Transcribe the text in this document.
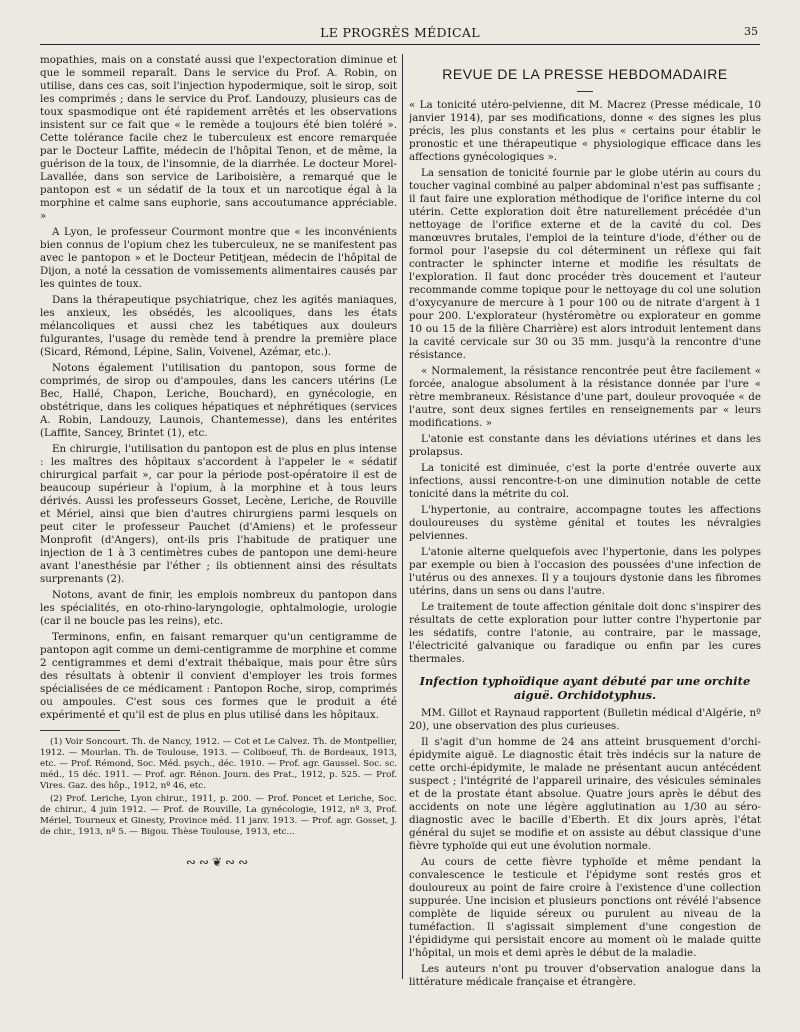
LE PROGRÈS MÉDICAL	35

mopathies, mais on a constaté aussi que l'expectoration diminue et que le sommeil reparaît. Dans le service du Prof. A. Robin, on utilise, dans ces cas, soit l'injection hypodermique, soit le sirop, soit les comprimés ; dans le service du Prof. Landouzy, plusieurs cas de toux spasmodique ont été rapidement arrêtés et les observations insistent sur ce fait que « le remède a toujours été bien toléré ». Cette tolérance facile chez le tuberculeux est encore remarquée par le Docteur Laffite, médecin de l'hôpital Tenon, et de même, la guérison de la toux, de l'insomnie, de la diarrhée. Le docteur Morel-Lavallée, dans son service de Lariboisière, a remarqué que le pantopon est « un sédatif de la toux et un narcotique égal à la morphine et calme sans euphorie, sans accoutumance appréciable. »

A Lyon, le professeur Courmont montre que « les inconvénients bien connus de l'opium chez les tuberculeux, ne se manifestent pas avec le pantopon » et le Docteur Petitjean, médecin de l'hôpital de Dijon, a noté la cessation de vomissements alimentaires causés par les quintes de toux.

Dans la thérapeutique psychiatrique, chez les agités maniaques, les anxieux, les obsédés, les alcooliques, dans les états mélancoliques et aussi chez les tabétiques aux douleurs fulgurantes, l'usage du remède tend à prendre la première place (Sicard, Rémond, Lépine, Salin, Voivenel, Azémar, etc.).

Notons également l'utilisation du pantopon, sous forme de comprimés, de sirop ou d'ampoules, dans les cancers utérins (Le Bec, Hallé, Chapon, Leriche, Bouchard), en gynécologie, en obstétrique, dans les coliques hépatiques et néphrétiques (services A. Robin, Landouzy, Launois, Chantemesse), dans les entérites (Laffite, Sancey, Brintet (1), etc.

En chirurgie, l'utilisation du pantopon est de plus en plus intense : les maîtres des hôpitaux s'accordent à l'appeler le « sédatif chirurgical parfait », car pour la période post-opératoire il est de beaucoup supérieur à l'opium, à la morphine et à tous leurs dérivés. Aussi les professeurs Gosset, Lecène, Leriche, de Rouville et Mériel, ainsi que bien d'autres chirurgiens parmi lesquels on peut citer le professeur Pauchet (d'Amiens) et le professeur Monprofit (d'Angers), ont-ils pris l'habitude de pratiquer une injection de 1 à 3 centimètres cubes de pantopon une demi-heure avant l'anesthésie par l'éther ; ils obtiennent ainsi des résultats surprenants (2).

Notons, avant de finir, les emplois nombreux du pantopon dans les spécialités, en oto-rhino-laryngologie, ophtalmologie, urologie (car il ne boucle pas les reins), etc.

Terminons, enfin, en faisant remarquer qu'un centigramme de pantopon agit comme un demi-centigramme de morphine et comme 2 centigrammes et demi d'extrait thébaïque, mais pour être sûrs des résultats à obtenir il convient d'employer les trois formes spécialisées de ce médicament : Pantopon Roche, sirop, comprimés ou ampoules. C'est sous ces formes que le produit a été expérimenté et qu'il est de plus en plus utilisé dans les hôpitaux.

(1) Voir Soncourt. Th. de Nancy, 1912. — Cot et Le Calvez. Th. de Montpellier, 1912. — Mourlan. Th. de Toulouse, 1913. — Coliboeuf, Th. de Bordeaux, 1913, etc. — Prof. Rémond, Soc. Méd. psych., déc. 1910. — Prof. agr. Gaussel. Soc. sc. méd., 15 déc. 1911. — Prof. agr. Rénon. Journ. des Prat., 1912, p. 525. — Prof. Vires. Gaz. des hôp., 1912, nº 46, etc.

(2) Prof. Leriche, Lyon chirur., 1911, p. 200. — Prof. Poncet et Leriche, Soc. de chirur., 4 juin 1912. — Prof. de Rouville, La gynécologie, 1912, nº 3, Prof. Mériel, Tourneux et Ginesty, Province méd. 11 janv. 1913. — Prof. agr. Gosset, J. de chir., 1913, nº 5. — Bigou. Thèse Toulouse, 1913, etc...

∾∾❦∾∾
REVUE DE LA PRESSE HEBDOMADAIRE

« La tonicité utéro-pelvienne, dit M. Macrez (Presse médicale, 10 janvier 1914), par ses modifications, donne « des signes les plus précis, les plus constants et les plus « certains pour établir le pronostic et une thérapeutique « physiologique efficace dans les affections gynécologiques ».

La sensation de tonicité fournie par le globe utérin au cours du toucher vaginal combiné au palper abdominal n'est pas suffisante ; il faut faire une exploration méthodique de l'orifice interne du col utérin. Cette exploration doit être naturellement précédée d'un nettoyage de l'orifice externe et de la cavité du col. Des manœuvres brutales, l'emploi de la teinture d'iode, d'éther ou de formol pour l'asepsie du col déterminent un réflexe qui fait contracter le sphincter interne et modifie les résultats de l'exploration. Il faut donc procéder très doucement et l'auteur recommande comme topique pour le nettoyage du col une solution d'oxycyanure de mercure à 1 pour 100 ou de nitrate d'argent à 1 pour 200. L'explorateur (hystéromètre ou explorateur en gomme 10 ou 15 de la filière Charrière) est alors introduit lentement dans la cavité cervicale sur 30 ou 35 mm. jusqu'à la rencontre d'une résistance.

« Normalement, la résistance rencontrée peut être facilement « forcée, analogue absolument à la résistance donnée par l'ure « rètre membraneux. Résistance d'une part, douleur provoquée « de l'autre, sont deux signes fertiles en renseignements par « leurs modifications. »

L'atonie est constante dans les déviations utérines et dans les prolapsus.

La tonicité est diminuée, c'est la porte d'entrée ouverte aux infections, aussi rencontre-t-on une diminution notable de cette tonicité dans la métrite du col.

L'hypertonie, au contraire, accompagne toutes les affections douloureuses du système génital et toutes les névralgies pelviennes.

L'atonie alterne quelquefois avec l'hypertonie, dans les polypes par exemple ou bien à l'occasion des poussées d'une infection de l'utérus ou des annexes. Il y a toujours dystonie dans les fibromes utérins, dans un sens ou dans l'autre.

Le traitement de toute affection génitale doit donc s'inspirer des résultats de cette exploration pour lutter contre l'hypertonie par les sédatifs, contre l'atonie, au contraire, par le massage, l'électricité galvanique ou faradique ou enfin par les cures thermales.

Infection typhoïdique ayant débuté par une orchite aiguë. Orchidotyphus.

MM. Gillot et Raynaud rapportent (Bulletin médical d'Algérie, nº 20), une observation des plus curieuses.

Il s'agit d'un homme de 24 ans atteint brusquement d'orchi-épidymite aiguë. Le diagnostic était très indécis sur la nature de cette orchi-épidymite, le malade ne présentant aucun antécédent suspect ; l'intégrité de l'appareil urinaire, des vésicules séminales et de la prostate étant absolue. Quatre jours après le début des accidents on note une légère agglutination au 1/30 au séro-diagnostic avec le bacille d'Eberth. Et dix jours après, l'état général du sujet se modifie et on assiste au début classique d'une fièvre typhoïde qui eut une évolution normale.

Au cours de cette fièvre typhoïde et même pendant la convalescence le testicule et l'épidyme sont restés gros et douloureux au point de faire croire à l'existence d'une collection suppurée. Une incision et plusieurs ponctions ont révélé l'absence complète de liquide séreux ou purulent au niveau de la tuméfaction. Il s'agissait simplement d'une congestion de l'épididyme qui persistait encore au moment où le malade quitte l'hôpital, un mois et demi après le début de la maladie.

Les auteurs n'ont pu trouver d'observation analogue dans la littérature médicale française et étrangère.
